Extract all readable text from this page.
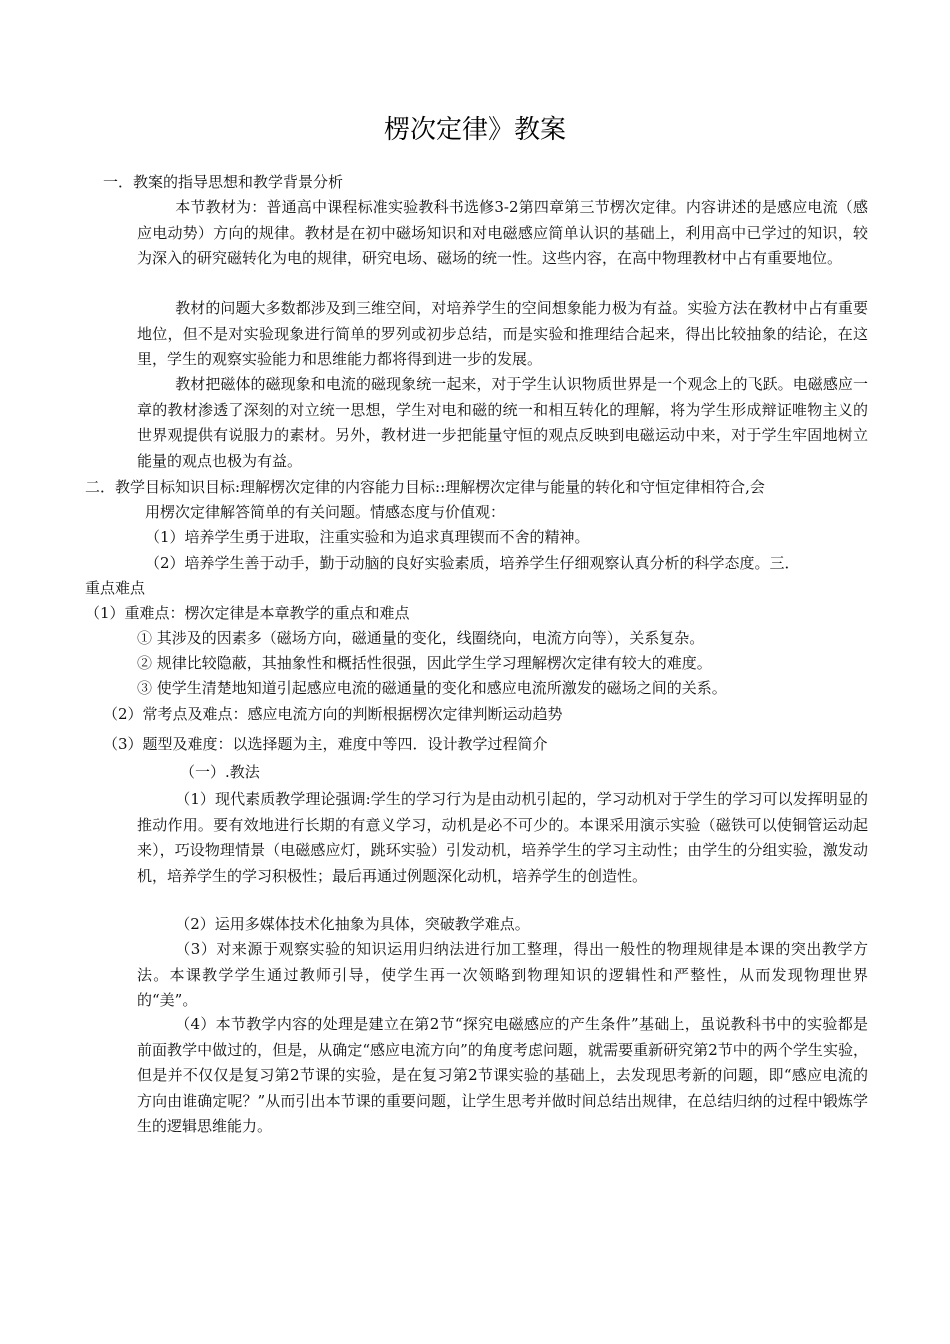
楞次定律》教案

一．教案的指导思想和教学背景分析

本节教材为：普通高中课程标准实验教科书选修3-2第四章第三节楞次定律。内容讲述的是感应电流（感应电动势）方向的规律。教材是在初中磁场知识和对电磁感应简单认识的基础上，利用高中已学过的知识，较为深入的研究磁转化为电的规律，研究电场、磁场的统一性。这些内容，在高中物理教材中占有重要地位。

教材的问题大多数都涉及到三维空间，对培养学生的空间想象能力极为有益。实验方法在教材中占有重要地位，但不是对实验现象进行简单的罗列或初步总结，而是实验和推理结合起来，得出比较抽象的结论，在这里，学生的观察实验能力和思维能力都将得到进一步的发展。

教材把磁体的磁现象和电流的磁现象统一起来，对于学生认识物质世界是一个观念上的飞跃。电磁感应一章的教材渗透了深刻的对立统一思想，学生对电和磁的统一和相互转化的理解，将为学生形成辩证唯物主义的世界观提供有说服力的素材。另外，教材进一步把能量守恒的观点反映到电磁运动中来，对于学生牢固地树立能量的观点也极为有益。

二．教学目标知识目标:理解楞次定律的内容能力目标::理解楞次定律与能量的转化和守恒定律相符合,会

用楞次定律解答简单的有关问题。情感态度与价值观：

（1）培养学生勇于进取，注重实验和为追求真理锲而不舍的精神。

（2）培养学生善于动手，勤于动脑的良好实验素质，培养学生仔细观察认真分析的科学态度。三．

重点难点

（1）重难点：楞次定律是本章教学的重点和难点

① 其涉及的因素多（磁场方向，磁通量的变化，线圈绕向，电流方向等），关系复杂。

② 规律比较隐蔽，其抽象性和概括性很强，因此学生学习理解楞次定律有较大的难度。

③ 使学生清楚地知道引起感应电流的磁通量的变化和感应电流所激发的磁场之间的关系。

（2）常考点及难点：感应电流方向的判断根据楞次定律判断运动趋势

（3）题型及难度：以选择题为主，难度中等四．设计教学过程简介

（一）.教法

（1）现代素质教学理论强调:学生的学习行为是由动机引起的，学习动机对于学生的学习可以发挥明显的推动作用。要有效地进行长期的有意义学习，动机是必不可少的。本课采用演示实验（磁铁可以使铜管运动起来），巧设物理情景（电磁感应灯，跳环实验）引发动机，培养学生的学习主动性；由学生的分组实验，激发动机，培养学生的学习积极性；最后再通过例题深化动机，培养学生的创造性。

（2）运用多媒体技术化抽象为具体，突破教学难点。

（3）对来源于观察实验的知识运用归纳法进行加工整理，得出一般性的物理规律是本课的突出教学方法。本课教学学生通过教师引导，使学生再一次领略到物理知识的逻辑性和严整性，从而发现物理世界的“美”。

（4）本节教学内容的处理是建立在第2节“探究电磁感应的产生条件”基础上，虽说教科书中的实验都是前面教学中做过的，但是，从确定“感应电流方向”的角度考虑问题，就需要重新研究第2节中的两个学生实验，但是并不仅仅是复习第2节课的实验，是在复习第2节课实验的基础上，去发现思考新的问题，即“感应电流的方向由谁确定呢？”从而引出本节课的重要问题，让学生思考并做时间总结出规律，在总结归纳的过程中锻炼学生的逻辑思维能力。
